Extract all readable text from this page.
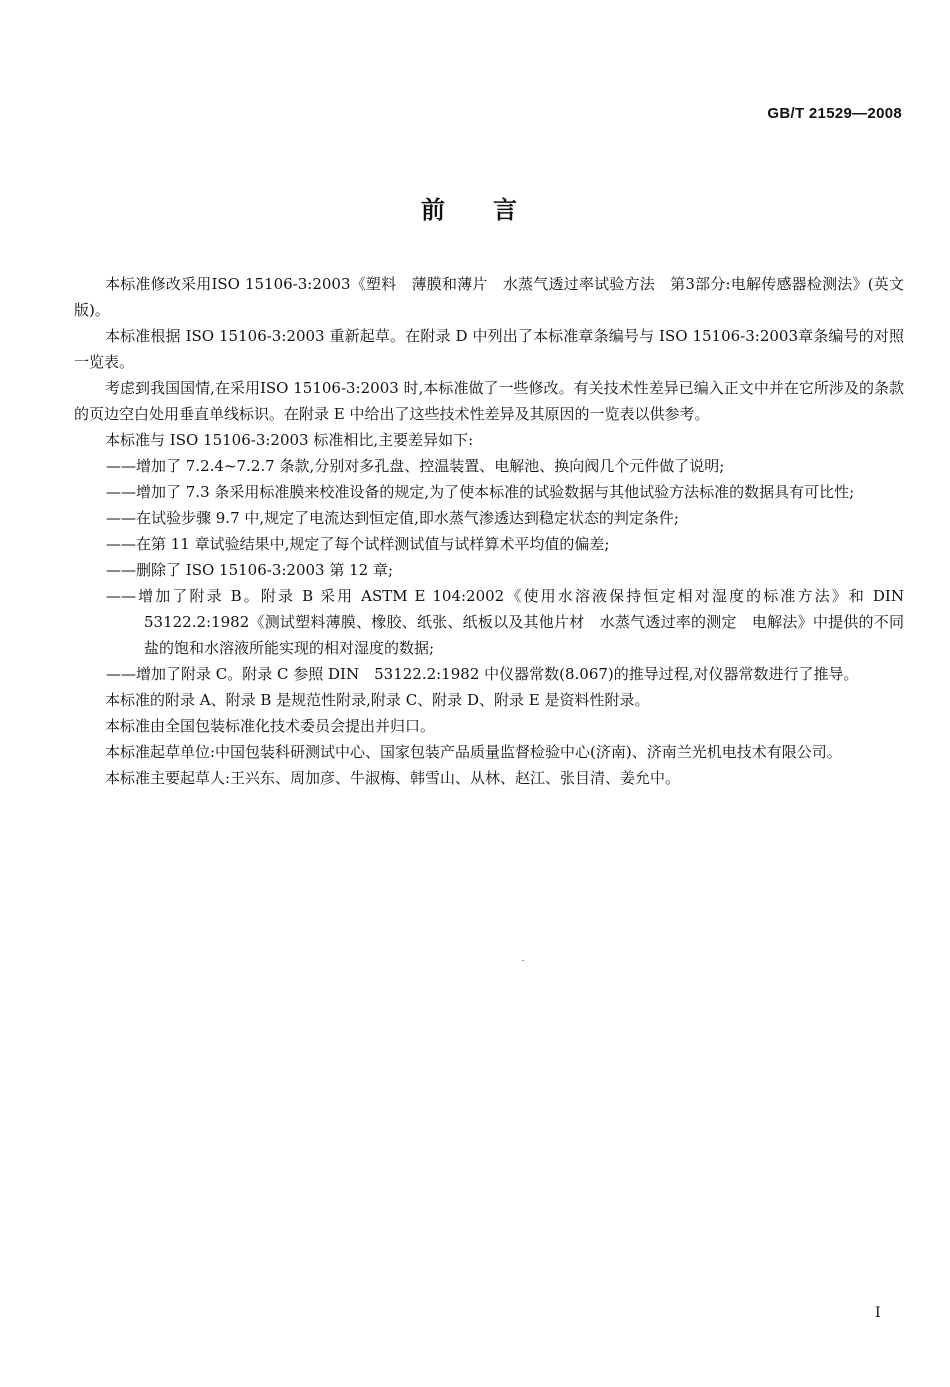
GB/T 21529—2008
前言

本标准修改采用ISO 15106-3:2003《塑料　薄膜和薄片　水蒸气透过率试验方法　第3部分:电解传感器检测法》(英文版)。

本标准根据 ISO 15106-3:2003 重新起草。在附录 D 中列出了本标准章条编号与 ISO 15106-3:2003章条编号的对照一览表。

考虑到我国国情,在采用ISO 15106-3:2003 时,本标准做了一些修改。有关技术性差异已编入正文中并在它所涉及的条款的页边空白处用垂直单线标识。在附录 E 中给出了这些技术性差异及其原因的一览表以供参考。

本标准与 ISO 15106-3:2003 标准相比,主要差异如下:

——增加了 7.2.4~7.2.7 条款,分别对多孔盘、控温装置、电解池、换向阀几个元件做了说明;

——增加了 7.3 条采用标准膜来校准设备的规定,为了使本标准的试验数据与其他试验方法标准的数据具有可比性;

——在试验步骤 9.7 中,规定了电流达到恒定值,即水蒸气渗透达到稳定状态的判定条件;

——在第 11 章试验结果中,规定了每个试样测试值与试样算术平均值的偏差;

——删除了 ISO 15106-3:2003 第 12 章;

——增加了附录 B。附录 B 采用 ASTM E 104:2002《使用水溶液保持恒定相对湿度的标准方法》和 DIN 53122.2:1982《测试塑料薄膜、橡胶、纸张、纸板以及其他片材　水蒸气透过率的测定　电解法》中提供的不同盐的饱和水溶液所能实现的相对湿度的数据;

——增加了附录 C。附录 C 参照 DIN　53122.2:1982 中仪器常数(8.067)的推导过程,对仪器常数进行了推导。

本标准的附录 A、附录 B 是规范性附录,附录 C、附录 D、附录 E 是资料性附录。

本标准由全国包装标准化技术委员会提出并归口。

本标准起草单位:中国包装科研测试中心、国家包装产品质量监督检验中心(济南)、济南兰光机电技术有限公司。

本标准主要起草人:王兴东、周加彦、牛淑梅、韩雪山、从林、赵江、张目清、姜允中。

I
